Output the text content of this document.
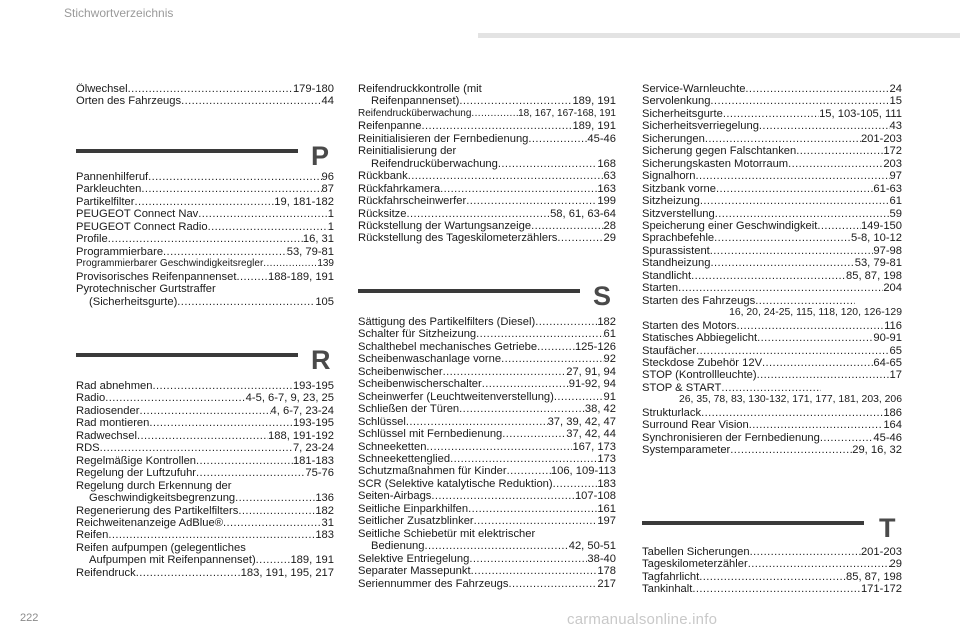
Stichwortverzeichnis
Ölwechsel .....	179-180
Orten des Fahrzeugs .....	44
P
Pannenhilferuf .....	96
Parkleuchten .....	87
Partikelfilter .....	19, 181-182
PEUGEOT Connect Nav .....	1
PEUGEOT Connect Radio .....	1
Profile .....	16, 31
Programmierbare .....	53, 79-81
Programmierbarer Geschwindigkeitsregler .....	139
Provisorisches Reifenpannenset .....	188-189, 191
Pyrotechnischer Gurtstraffer
(Sicherheitsgurte) .....	105
R
Rad abnehmen .....	193-195
Radio .....	4-5, 6-7, 9, 23, 25
Radiosender .....	4, 6-7, 23-24
Rad montieren .....	193-195
Radwechsel .....	188, 191-192
RDS .....	7, 23-24
Regelmäßige Kontrollen .....	181-183
Regelung der Luftzufuhr .....	75-76
Regelung durch Erkennung der
Geschwindigkeitsbegrenzung .....	136
Regenerierung des Partikelfilters .....	182
Reichweitenanzeige AdBlue® .....	31
Reifen .....	183
Reifen aufpumpen (gelegentliches
Aufpumpen mit Reifenpannenset) .....	189, 191
Reifendruck .....	183, 191, 195, 217
Reifendruckkontrolle (mit
Reifenpannenset) .....	189, 191
Reifendrucküberwachung .....	18, 167, 167-168, 191
Reifenpanne .....	189, 191
Reinitialisieren der Fernbedienung .....	45-46
Reinitialisierung der
Reifendrucküberwachung .....	168
Rückbank .....	63
Rückfahrkamera .....	163
Rückfahrscheinwerfer .....	199
Rücksitze .....	58, 61, 63-64
Rückstellung der Wartungsanzeige .....	28
Rückstellung des Tageskilometerzählers .....	29
S
Sättigung des Partikelfilters (Diesel) .....	182
Schalter für Sitzheizung .....	61
Schalthebel mechanisches Getriebe .....	125-126
Scheibenwaschanlage vorne .....	92
Scheibenwischer .....	27, 91, 94
Scheibenwischerschalter .....	91-92, 94
Scheinwerfer (Leuchtweitenverstellung) .....	91
Schließen der Türen .....	38, 42
Schlüssel .....	37, 39, 42, 47
Schlüssel mit Fernbedienung .....	37, 42, 44
Schneeketten .....	167, 173
Schneekettenglied .....	173
Schutzmaßnahmen für Kinder .....	106, 109-113
SCR (Selektive katalytische Reduktion) .....	183
Seiten-Airbags .....	107-108
Seitliche Einparkhilfen .....	161
Seitlicher Zusatzblinker .....	197
Seitliche Schiebetür mit elektrischer
Bedienung .....	42, 50-51
Selektive Entriegelung .....	38-40
Separater Massepunkt .....	178
Seriennummer des Fahrzeugs .....	217
Service-Warnleuchte .....	24
Servolenkung .....	15
Sicherheitsgurte .....	15, 103-105, 111
Sicherheitsverriegelung .....	43
Sicherungen .....	201-203
Sicherung gegen Falschtanken .....	172
Sicherungskasten Motorraum .....	203
Signalhorn .....	97
Sitzbank vorne .....	61-63
Sitzheizung .....	61
Sitzverstellung .....	59
Speicherung einer Geschwindigkeit .....	149-150
Sprachbefehle .....	5-8, 10-12
Spurassistent .....	97-98
Standheizung .....	53, 79-81
Standlicht .....	85, 87, 198
Starten .....	204
Starten des Fahrzeugs
.....
16, 20, 24-25, 115, 118, 120, 126-129
Starten des Motors .....	116
Statisches Abbiegelicht .....	90-91
Staufächer .....	65
Steckdose Zubehör 12V .....	64-65
STOP (Kontrollleuchte) .....	17
STOP & START
.....
26, 35, 78, 83, 130-132, 171, 177, 181, 203, 206
Strukturlack .....	186
Surround Rear Vision .....	164
Synchronisieren der Fernbedienung .....	45-46
Systemparameter .....	29, 16, 32
T
Tabellen Sicherungen .....	201-203
Tageskilometerzähler .....	29
Tagfahrlicht .....	85, 87, 198
Tankinhalt .....	171-172
222	carmanualsonline.info
